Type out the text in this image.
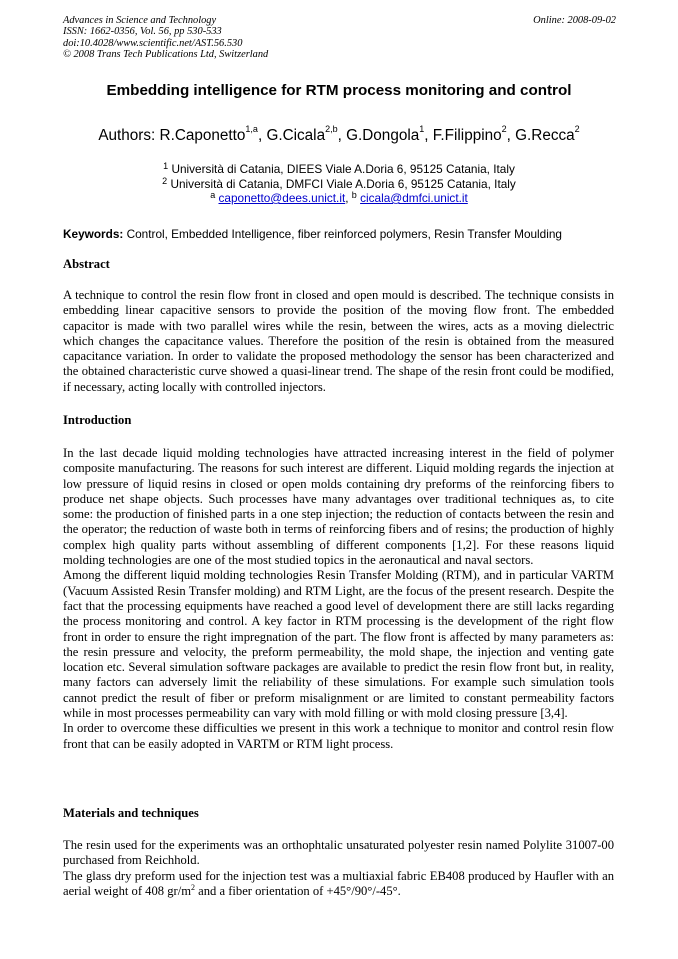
Advances in Science and Technology
ISSN: 1662-0356, Vol. 56, pp 530-533
doi:10.4028/www.scientific.net/AST.56.530
© 2008 Trans Tech Publications Ltd, Switzerland
Online: 2008-09-02
Embedding intelligence for RTM process monitoring and control
Authors: R.Caponetto$^{1,a}$, G.Cicala$^{2,b}$, G.Dongola$^1$, F.Filippino$^2$, G.Recca$^2$
$^1$ Università di Catania, DIEES Viale A.Doria 6, 95125 Catania, Italy
$^2$ Università di Catania, DMFCI Viale A.Doria 6, 95125 Catania, Italy
$^a$ caponetto@dees.unict.it, $^b$ cicala@dmfci.unict.it
Keywords: Control, Embedded Intelligence, fiber reinforced polymers, Resin Transfer Moulding
Abstract

A technique to control the resin flow front in closed and open mould is described. The technique consists in embedding linear capacitive sensors to provide the position of the moving flow front. The embedded capacitor is made with two parallel wires while the resin, between the wires, acts as a moving dielectric which changes the capacitance values. Therefore the position of the resin is obtained from the measured capacitance variation. In order to validate the proposed methodology the sensor has been characterized and the obtained characteristic curve showed a quasi-linear trend. The shape of the resin front could be modified, if necessary, acting locally with controlled injectors.

Introduction

In the last decade liquid molding technologies have attracted increasing interest in the field of polymer composite manufacturing. The reasons for such interest are different. Liquid molding regards the injection at low pressure of liquid resins in closed or open molds containing dry preforms of the reinforcing fibers to produce net shape objects. Such processes have many advantages over traditional techniques as, to cite some: the production of finished parts in a one step injection; the reduction of contacts between the resin and the operator; the reduction of waste both in terms of reinforcing fibers and of resins; the production of highly complex high quality parts without assembling of different components [1,2]. For these reasons liquid molding technologies are one of the most studied topics in the aeronautical and naval sectors.

Among the different liquid molding technologies Resin Transfer Molding (RTM), and in particular VARTM (Vacuum Assisted Resin Transfer molding) and RTM Light, are the focus of the present research. Despite the fact that the processing equipments have reached a good level of development there are still lacks regarding the process monitoring and control. A key factor in RTM processing is the development of the right flow front in order to ensure the right impregnation of the part. The flow front is affected by many parameters as: the resin pressure and velocity, the preform permeability, the mold shape, the injection and venting gate location etc. Several simulation software packages are available to predict the resin flow front but, in reality, many factors can adversely limit the reliability of these simulations. For example such simulation tools cannot predict the result of fiber or preform misalignment or are limited to constant permeability factors while in most processes permeability can vary with mold filling or with mold closing pressure [3,4].

In order to overcome these difficulties we present in this work a technique to monitor and control resin flow front that can be easily adopted in VARTM or RTM light process.

Materials and techniques

The resin used for the experiments was an orthophtalic unsaturated polyester resin named Polylite 31007-00 purchased from Reichhold.

The glass dry preform used for the injection test was a multiaxial fabric EB408 produced by Haufler with an aerial weight of 408 $gr/m^2$ and a fiber orientation of +45°/90°/-45°.
